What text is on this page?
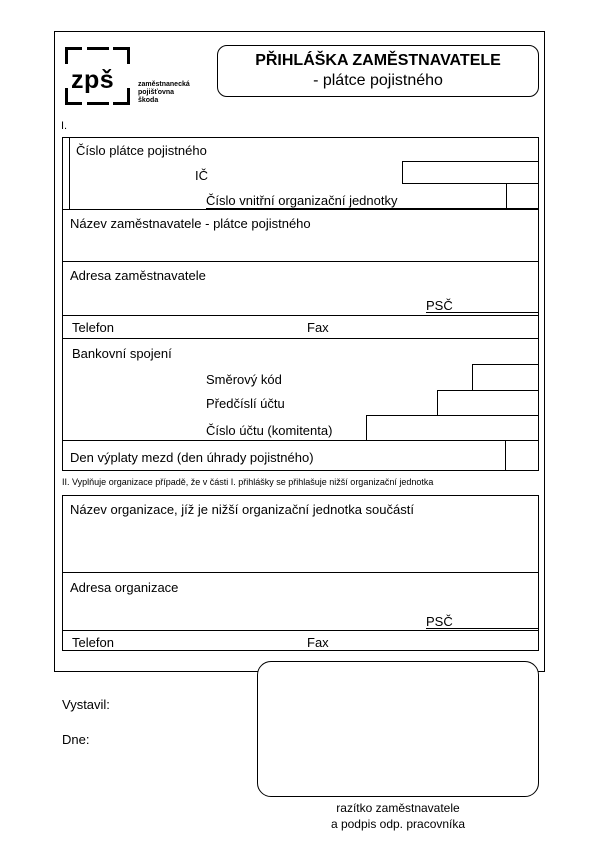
zpš	zaměstnanecká
pojišťovna
škoda
PŘIHLÁŠKA ZAMĚSTNAVATELE
- plátce pojistného
I.
Číslo plátce pojistného
IČ
Číslo vnitřní organizační jednotky
Název zaměstnavatele - plátce pojistného
Adresa zaměstnavatele
PSČ
Telefon	Fax
Bankovní spojení
Směrový kód
Předčíslí účtu
Číslo účtu (komitenta)
Den výplaty mezd (den úhrady pojistného)
II. Vyplňuje organizace případě, že v části I. přihlášky se přihlašuje nižší organizační jednotka
Název organizace, jíž je nižší organizační jednotka součástí
Adresa organizace
PSČ
Telefon	Fax
Vystavil:
Dne:
razítko zaměstnavatele
a podpis odp. pracovníka
